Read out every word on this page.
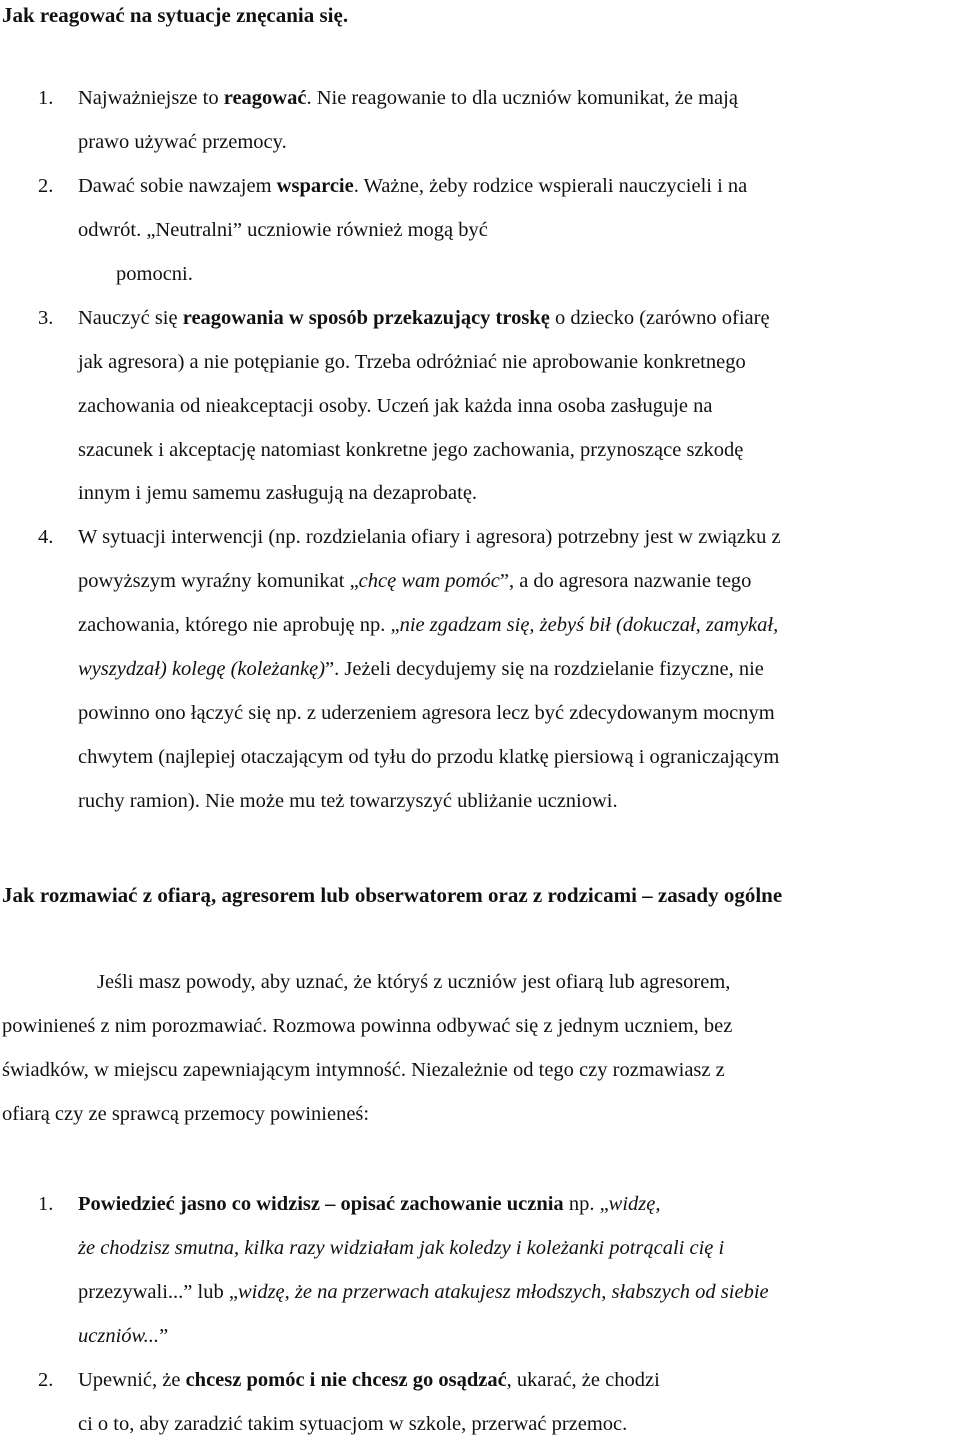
Jak reagować na sytuacje znęcania się.
1. Najważniejsze to reagować. Nie reagowanie to dla uczniów komunikat, że mają
prawo używać przemocy.
2. Dawać sobie nawzajem wsparcie. Ważne, żeby rodzice wspierali nauczycieli i na
odwrót. „Neutralni” uczniowie również mogą być
pomocni.
3. Nauczyć się reagowania w sposób przekazujący troskę o dziecko (zarówno ofiarę
jak agresora) a nie potępianie go. Trzeba odróżniać nie aprobowanie konkretnego
zachowania od nieakceptacji osoby. Uczeń jak każda inna osoba zasługuje na
szacunek i akceptację natomiast konkretne jego zachowania, przynoszące szkodę
innym i jemu samemu zasługują na dezaprobatę.
4. W sytuacji interwencji (np. rozdzielania ofiary i agresora) potrzebny jest w związku z
powyższym wyraźny komunikat „chcę wam pomóc”, a do agresora nazwanie tego
zachowania, którego nie aprobuję np. „nie zgadzam się, żebyś bił (dokuczał, zamykał,
wyszydzał) kolegę (koleżankę)”. Jeżeli decydujemy się na rozdzielanie fizyczne, nie
powinno ono łączyć się np. z uderzeniem agresora lecz być zdecydowanym mocnym
chwytem (najlepiej otaczającym od tyłu do przodu klatkę piersiową i ograniczającym
ruchy ramion). Nie może mu też towarzyszyć ubliżanie uczniowi.
Jak rozmawiać z ofiarą, agresorem lub obserwatorem oraz z rodzicami – zasady ogólne
Jeśli masz powody, aby uznać, że któryś z uczniów jest ofiarą lub agresorem,
powinieneś z nim porozmawiać. Rozmowa powinna odbywać się z jednym uczniem, bez
świadków, w miejscu zapewniającym intymność. Niezależnie od tego czy rozmawiasz z
ofiarą czy ze sprawcą przemocy powinieneś:
1. Powiedzieć jasno co widzisz – opisać zachowanie ucznia np. „widzę,
że chodzisz smutna, kilka razy widziałam jak koledzy i koleżanki potrącali cię i
przezywali...” lub „widzę, że na przerwach atakujesz młodszych, słabszych od siebie
uczniów...”
2. Upewnić, że chcesz pomóc i nie chcesz go osądzać, ukarać, że chodzi
ci o to, aby zaradzić takim sytuacjom w szkole, przerwać przemoc.
